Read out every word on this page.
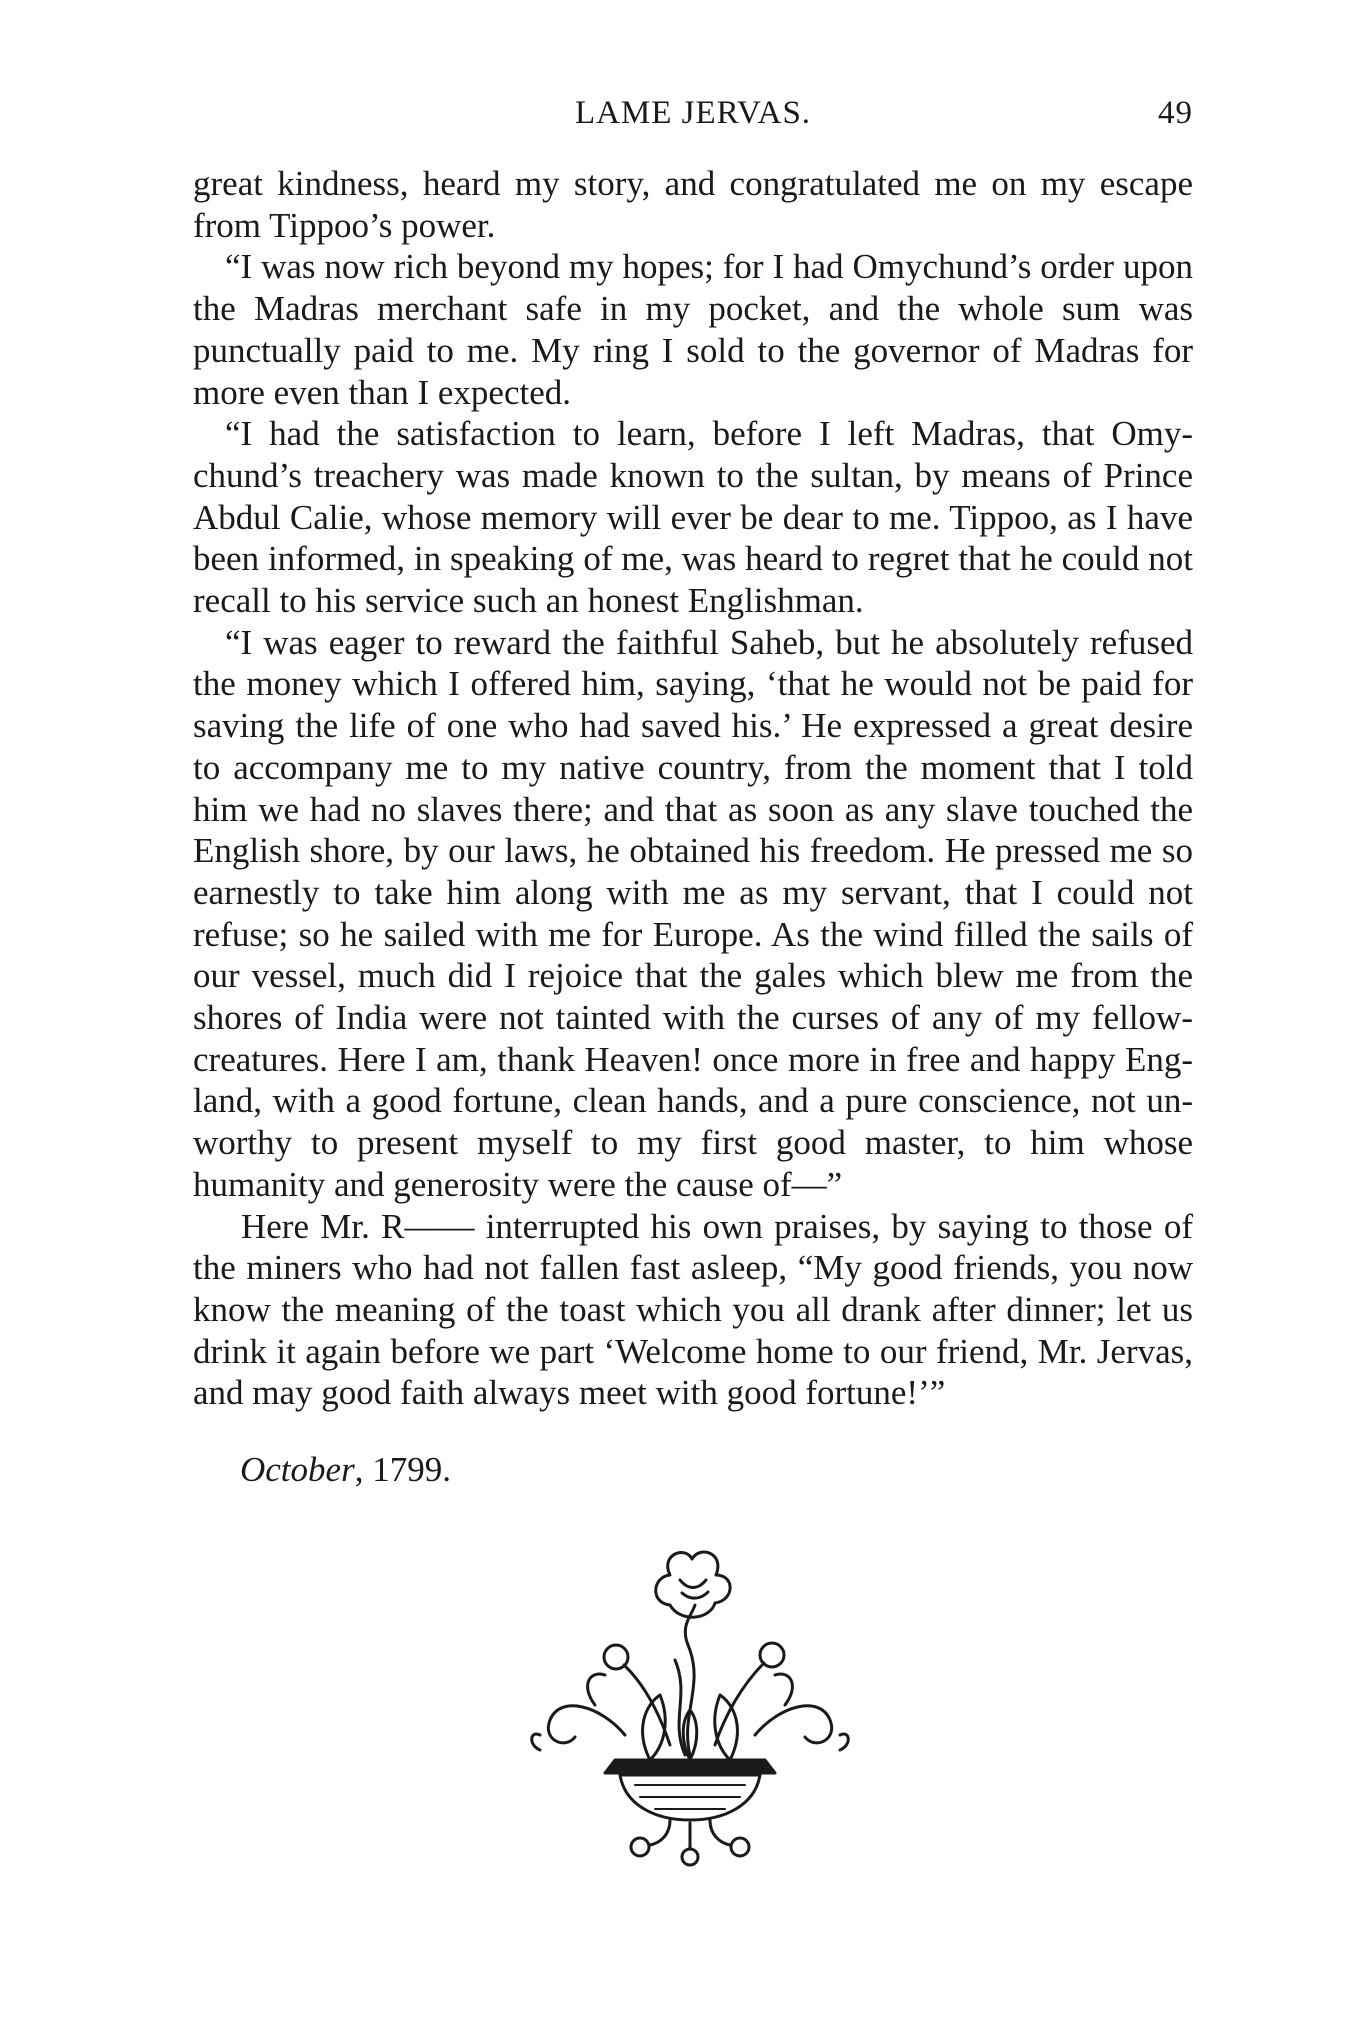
LAME JERVAS.	49

great kindness, heard my story, and congratulated me on my escape from Tippoo’s power.

“I was now rich beyond my hopes; for I had Omychund’s order upon the Madras merchant safe in my pocket, and the whole sum was punctually paid to me. My ring I sold to the governor of Madras for more even than I expected.

“I had the satisfaction to learn, before I left Madras, that Omychund’s treachery was made known to the sultan, by means of Prince Abdul Calie, whose memory will ever be dear to me. Tippoo, as I have been informed, in speaking of me, was heard to regret that he could not recall to his service such an honest Englishman.

“I was eager to reward the faithful Saheb, but he absolutely refused the money which I offered him, saying, ‘that he would not be paid for saving the life of one who had saved his.’ He expressed a great desire to accompany me to my native country, from the moment that I told him we had no slaves there; and that as soon as any slave touched the English shore, by our laws, he obtained his freedom. He pressed me so earnestly to take him along with me as my servant, that I could not refuse; so he sailed with me for Europe. As the wind filled the sails of our vessel, much did I rejoice that the gales which blew me from the shores of India were not tainted with the curses of any of my fellow-creatures. Here I am, thank Heaven! once more in free and happy England, with a good fortune, clean hands, and a pure conscience, not unworthy to present myself to my first good master, to him whose humanity and generosity were the cause of—”

Here Mr. R—— interrupted his own praises, by saying to those of the miners who had not fallen fast asleep, “My good friends, you now know the meaning of the toast which you all drank after dinner; let us drink it again before we part ‘Welcome home to our friend, Mr. Jervas, and may good faith always meet with good fortune!’”

October, 1799.
